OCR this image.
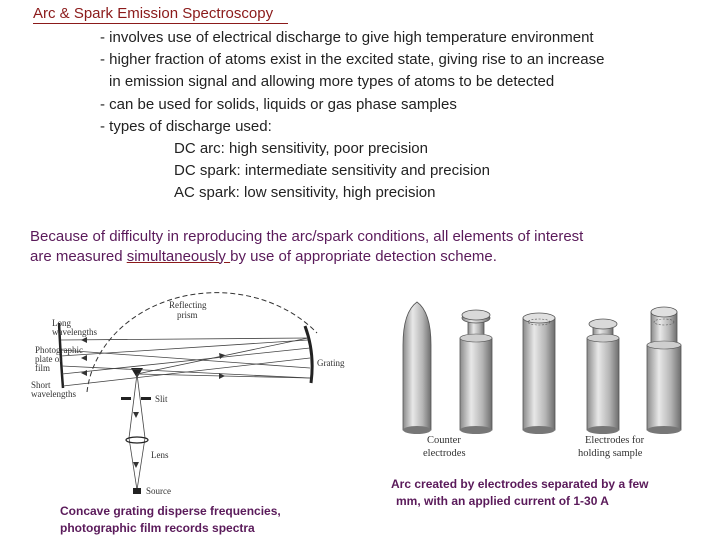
Arc & Spark Emission Spectroscopy
- involves use of electrical discharge to give high temperature environment
- higher fraction of atoms exist in the excited state, giving rise to an increase
in emission signal and allowing more types of atoms to be detected
- can be used for solids, liquids or gas phase samples
- types of discharge used:
DC arc: high sensitivity, poor precision
DC spark: intermediate sensitivity and precision
AC spark: low sensitivity, high precision
Because of difficulty in reproducing the arc/spark conditions, all elements of interest
are measured simultaneously by use of appropriate detection scheme.
Reflecting
prism
Long
wavelengths
Photographic
plate or
film
Short
wavelengths
Grating
Slit
Lens
Source
Counter
electrodes
Electrodes for
holding sample
Concave grating disperse frequencies,
photographic film records spectra
Arc created by electrodes separated by a few
mm, with an applied current of 1-30 A
